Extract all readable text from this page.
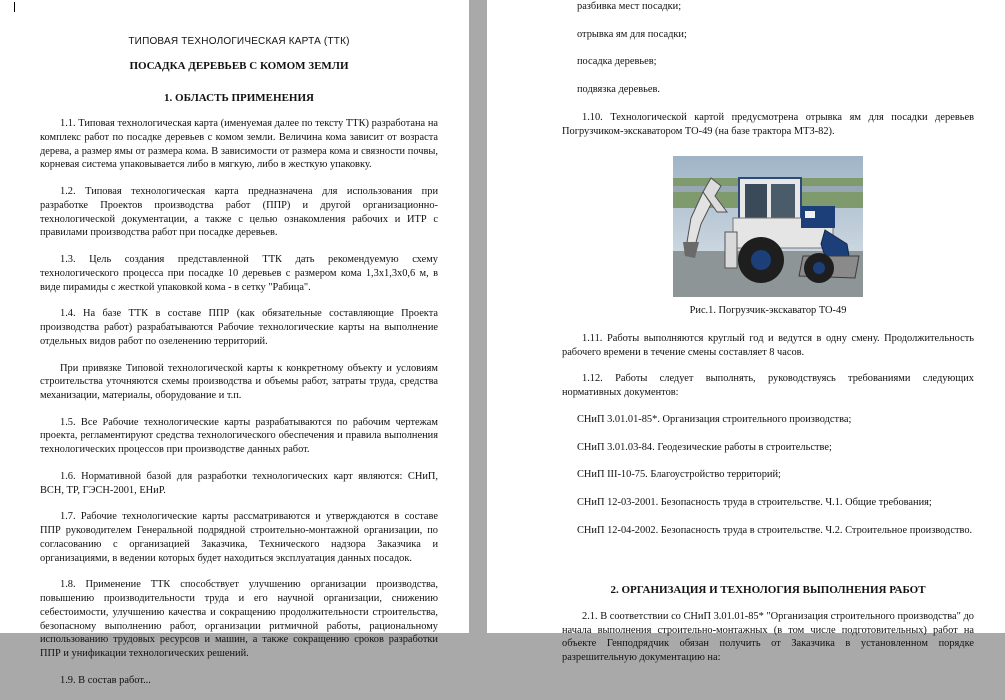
ТИПОВАЯ ТЕХНОЛОГИЧЕСКАЯ КАРТА (ТТК)
ПОСАДКА ДЕРЕВЬЕВ С КОМОМ ЗЕМЛИ
1. ОБЛАСТЬ ПРИМЕНЕНИЯ

1.1. Типовая технологическая карта (именуемая далее по тексту ТТК) разработана на комплекс работ по посадке деревьев с комом земли. Величина кома зависит от возраста дерева, а размер ямы от размера кома. В зависимости от размера кома и связности почвы, корневая система упаковывается либо в мягкую, либо в жесткую упаковку.

1.2. Типовая технологическая карта предназначена для использования при разработке Проектов производства работ (ППР) и другой организационно-технологической документации, а также с целью ознакомления рабочих и ИТР с правилами производства работ при посадке деревьев.

1.3. Цель создания представленной ТТК дать рекомендуемую схему технологического процесса при посадке 10 деревьев с размером кома 1,3х1,3х0,6 м, в виде пирамиды с жесткой упаковкой кома - в сетку "Рабица".

1.4. На базе ТТК в составе ППР (как обязательные составляющие Проекта производства работ) разрабатываются Рабочие технологические карты на выполнение отдельных видов работ по озеленению территорий.

При привязке Типовой технологической карты к конкретному объекту и условиям строительства уточняются схемы производства и объемы работ, затраты труда, средства механизации, материалы, оборудование и т.п.

1.5. Все Рабочие технологические карты разрабатываются по рабочим чертежам проекта, регламентируют средства технологического обеспечения и правила выполнения технологических процессов при производстве данных работ.

1.6. Нормативной базой для разработки технологических карт являются: СНиП, ВСН, ТР, ГЭСН-2001, ЕНиР.

1.7. Рабочие технологические карты рассматриваются и утверждаются в составе ППР руководителем Генеральной подрядной строительно-монтажной организации, по согласованию с организацией Заказчика, Технического надзора Заказчика и организациями, в ведении которых будет находиться эксплуатация данных посадок.

1.8. Применение ТТК способствует улучшению организации производства, повышению производительности труда и его научной организации, снижению себестоимости, улучшению качества и сокращению продолжительности строительства, безопасному выполнению работ, организации ритмичной работы, рациональному использованию трудовых ресурсов и машин, а также сокращению сроков разработки ППР и унификации технологических решений.

1.9. В состав работ...

разбивка мест посадки;

отрывка ям для посадки;

посадка деревьев;

подвязка деревьев.

1.10. Технологической картой предусмотрена отрывка ям для посадки деревьев Погрузчиком-экскаватором ТО-49 (на базе трактора МТЗ-82).

Рис.1. Погрузчик-экскаватор ТО-49

1.11. Работы выполняются круглый год и ведутся в одну смену. Продолжительность рабочего времени в течение смены составляет 8 часов.

1.12. Работы следует выполнять, руководствуясь требованиями следующих нормативных документов:

СНиП 3.01.01-85*. Организация строительного производства;

СНиП 3.01.03-84. Геодезические работы в строительстве;

СНиП III-10-75. Благоустройство территорий;

СНиП 12-03-2001. Безопасность труда в строительстве. Ч.1. Общие требования;

СНиП 12-04-2002. Безопасность труда в строительстве. Ч.2. Строительное производство.

2. ОРГАНИЗАЦИЯ И ТЕХНОЛОГИЯ ВЫПОЛНЕНИЯ РАБОТ

2.1. В соответствии со СНиП 3.01.01-85* "Организация строительного производства" до начала выполнения строительно-монтажных (в том числе подготовительных) работ на объекте Генподрядчик обязан получить от Заказчика в установленном порядке разрешительную документацию на:
